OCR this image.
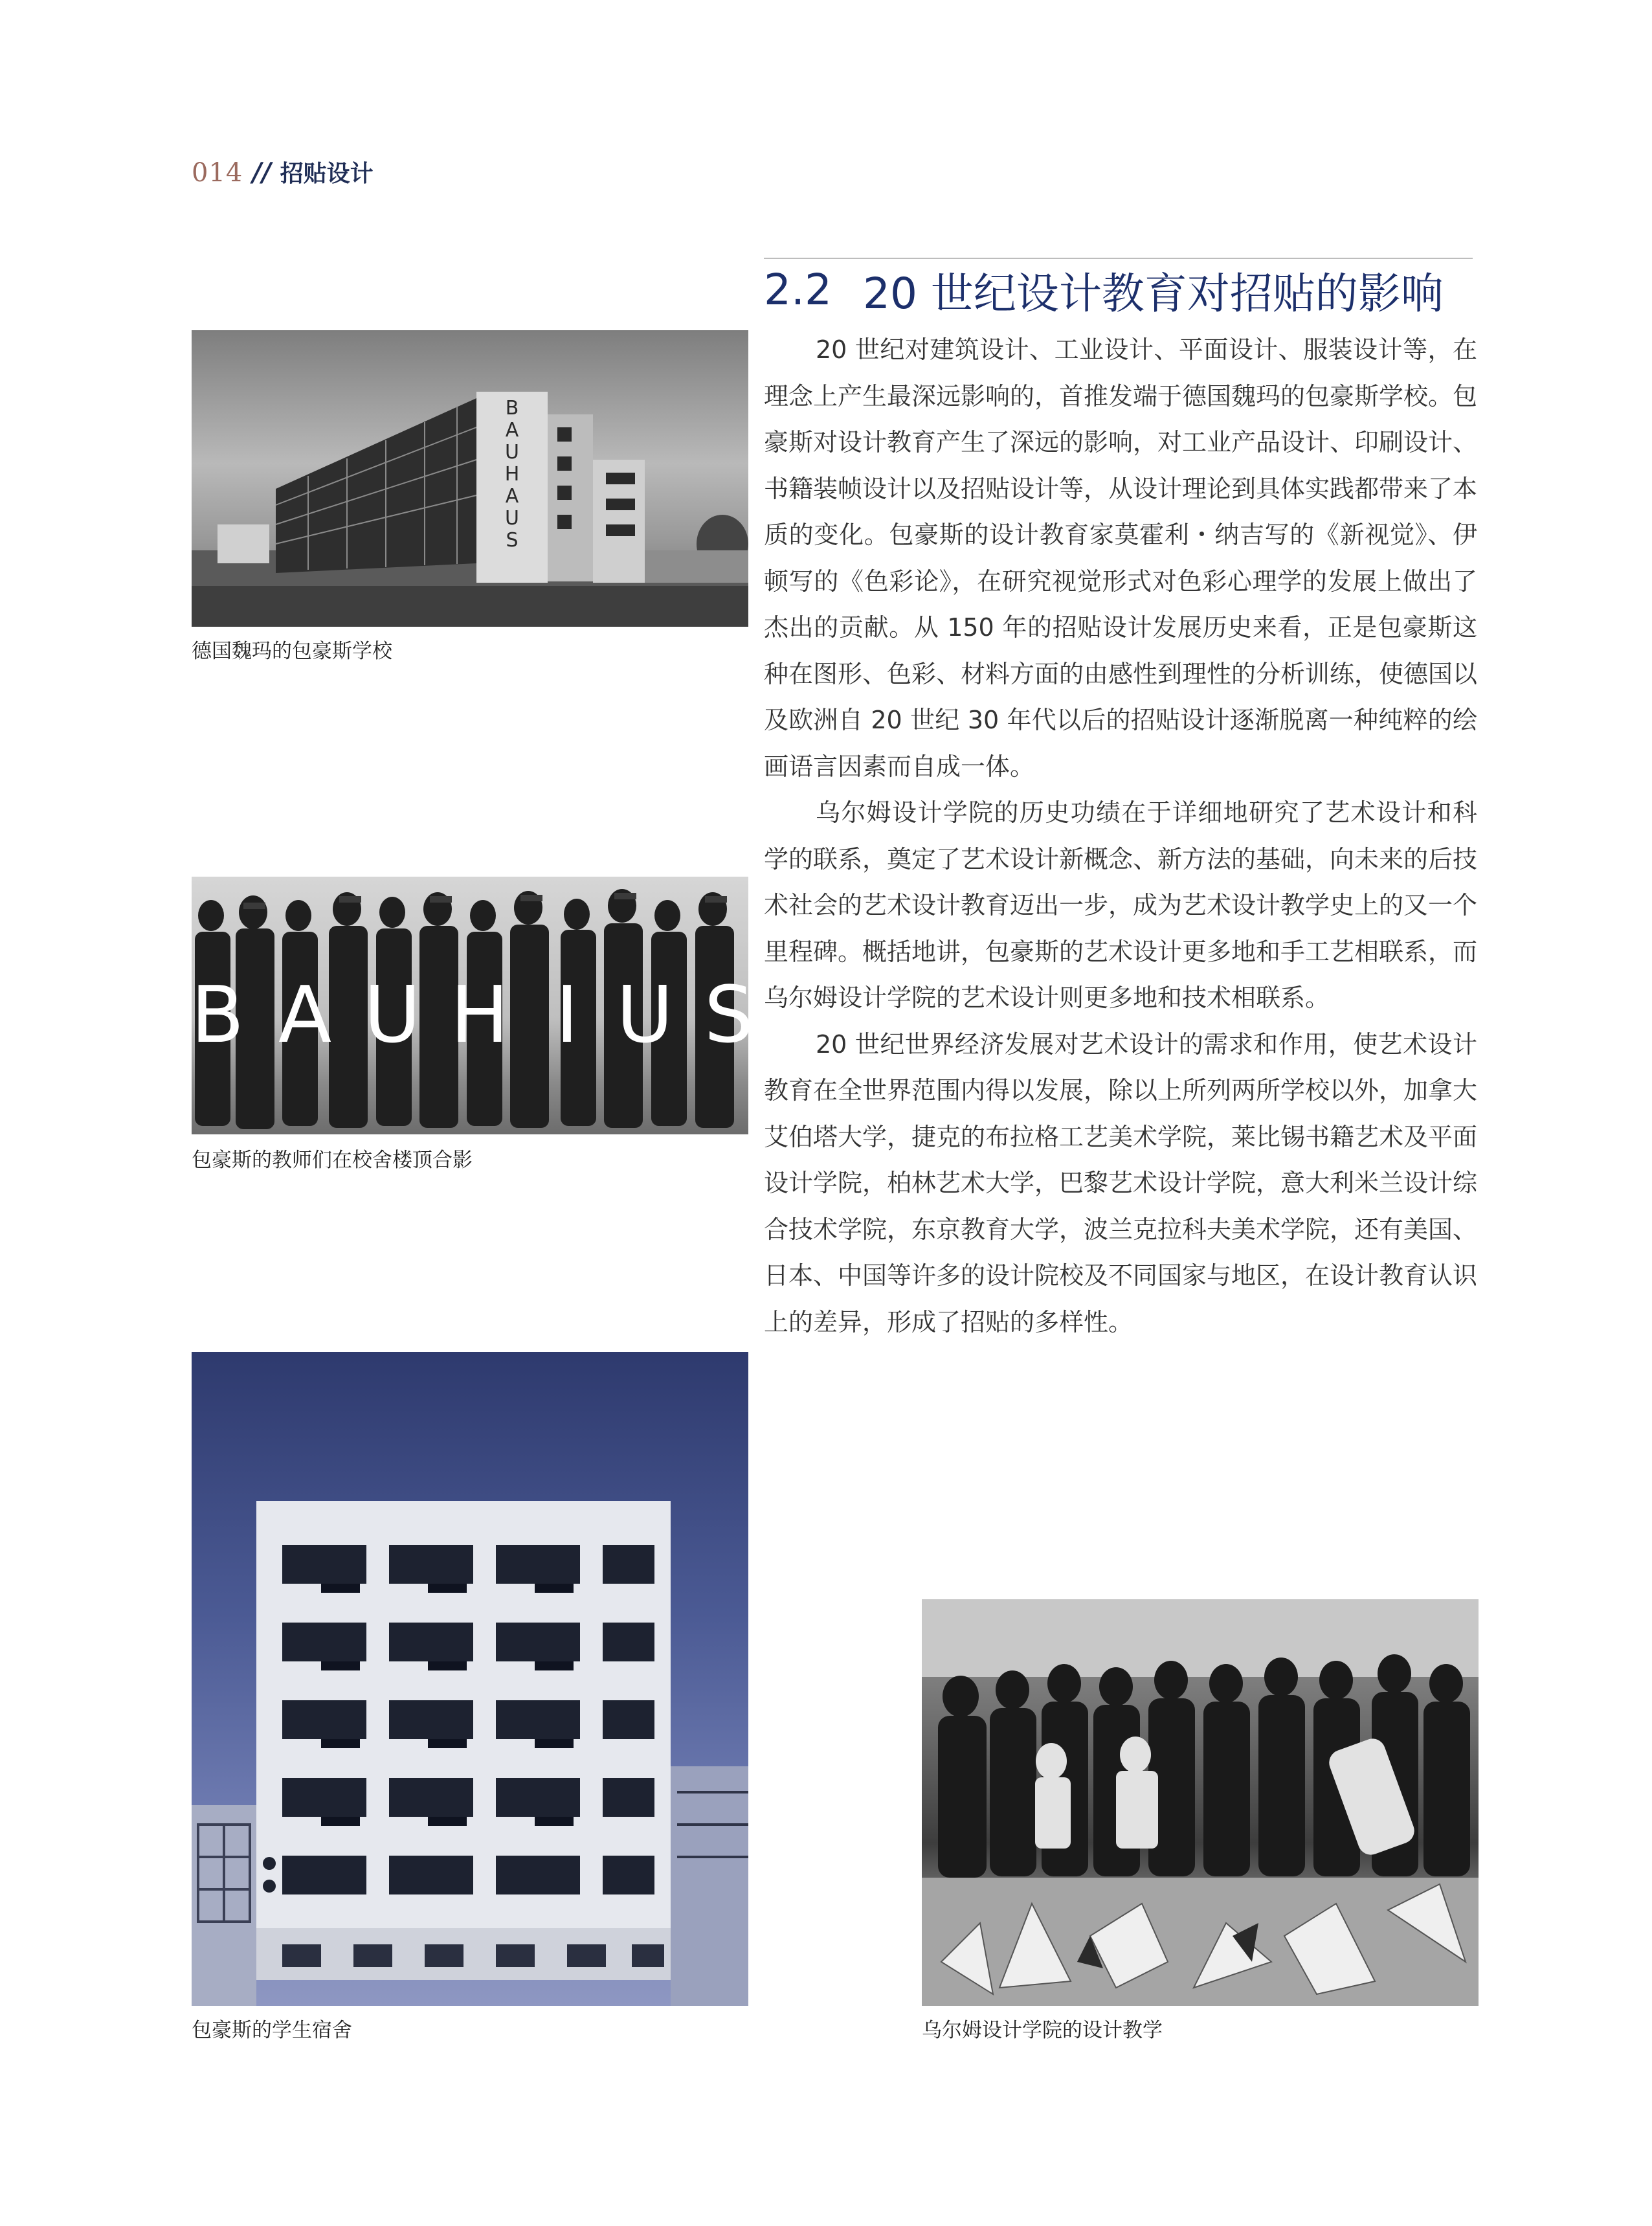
014 // 招贴设计
2.2 20 世纪设计教育对招贴的影响

20 世纪对建筑设计、工业设计、平面设计、服装设计等，在理念上产生最深远影响的，首推发端于德国魏玛的包豪斯学校。包豪斯对设计教育产生了深远的影响，对工业产品设计、印刷设计、书籍装帧设计以及招贴设计等，从设计理论到具体实践都带来了本质的变化。包豪斯的设计教育家莫霍利・纳吉写的《新视觉》、伊顿写的《色彩论》，在研究视觉形式对色彩心理学的发展上做出了杰出的贡献。从 150 年的招贴设计发展历史来看，正是包豪斯这种在图形、色彩、材料方面的由感性到理性的分析训练，使德国以及欧洲自 20 世纪 30 年代以后的招贴设计逐渐脱离一种纯粹的绘画语言因素而自成一体。

乌尔姆设计学院的历史功绩在于详细地研究了艺术设计和科学的联系，奠定了艺术设计新概念、新方法的基础，向未来的后技术社会的艺术设计教育迈出一步，成为艺术设计教学史上的又一个里程碑。概括地讲，包豪斯的艺术设计更多地和手工艺相联系，而乌尔姆设计学院的艺术设计则更多地和技术相联系。

20 世纪世界经济发展对艺术设计的需求和作用，使艺术设计教育在全世界范围内得以发展，除以上所列两所学校以外，加拿大艾伯塔大学，捷克的布拉格工艺美术学院，莱比锡书籍艺术及平面设计学院，柏林艺术大学，巴黎艺术设计学院，意大利米兰设计综合技术学院，东京教育大学，波兰克拉科夫美术学院，还有美国、日本、中国等许多的设计院校及不同国家与地区，在设计教育认识上的差异，形成了招贴的多样性。

B A U H A U S
德国魏玛的包豪斯学校
B A U H I U S
包豪斯的教师们在校舍楼顶合影
包豪斯的学生宿舍	乌尔姆设计学院的设计教学
